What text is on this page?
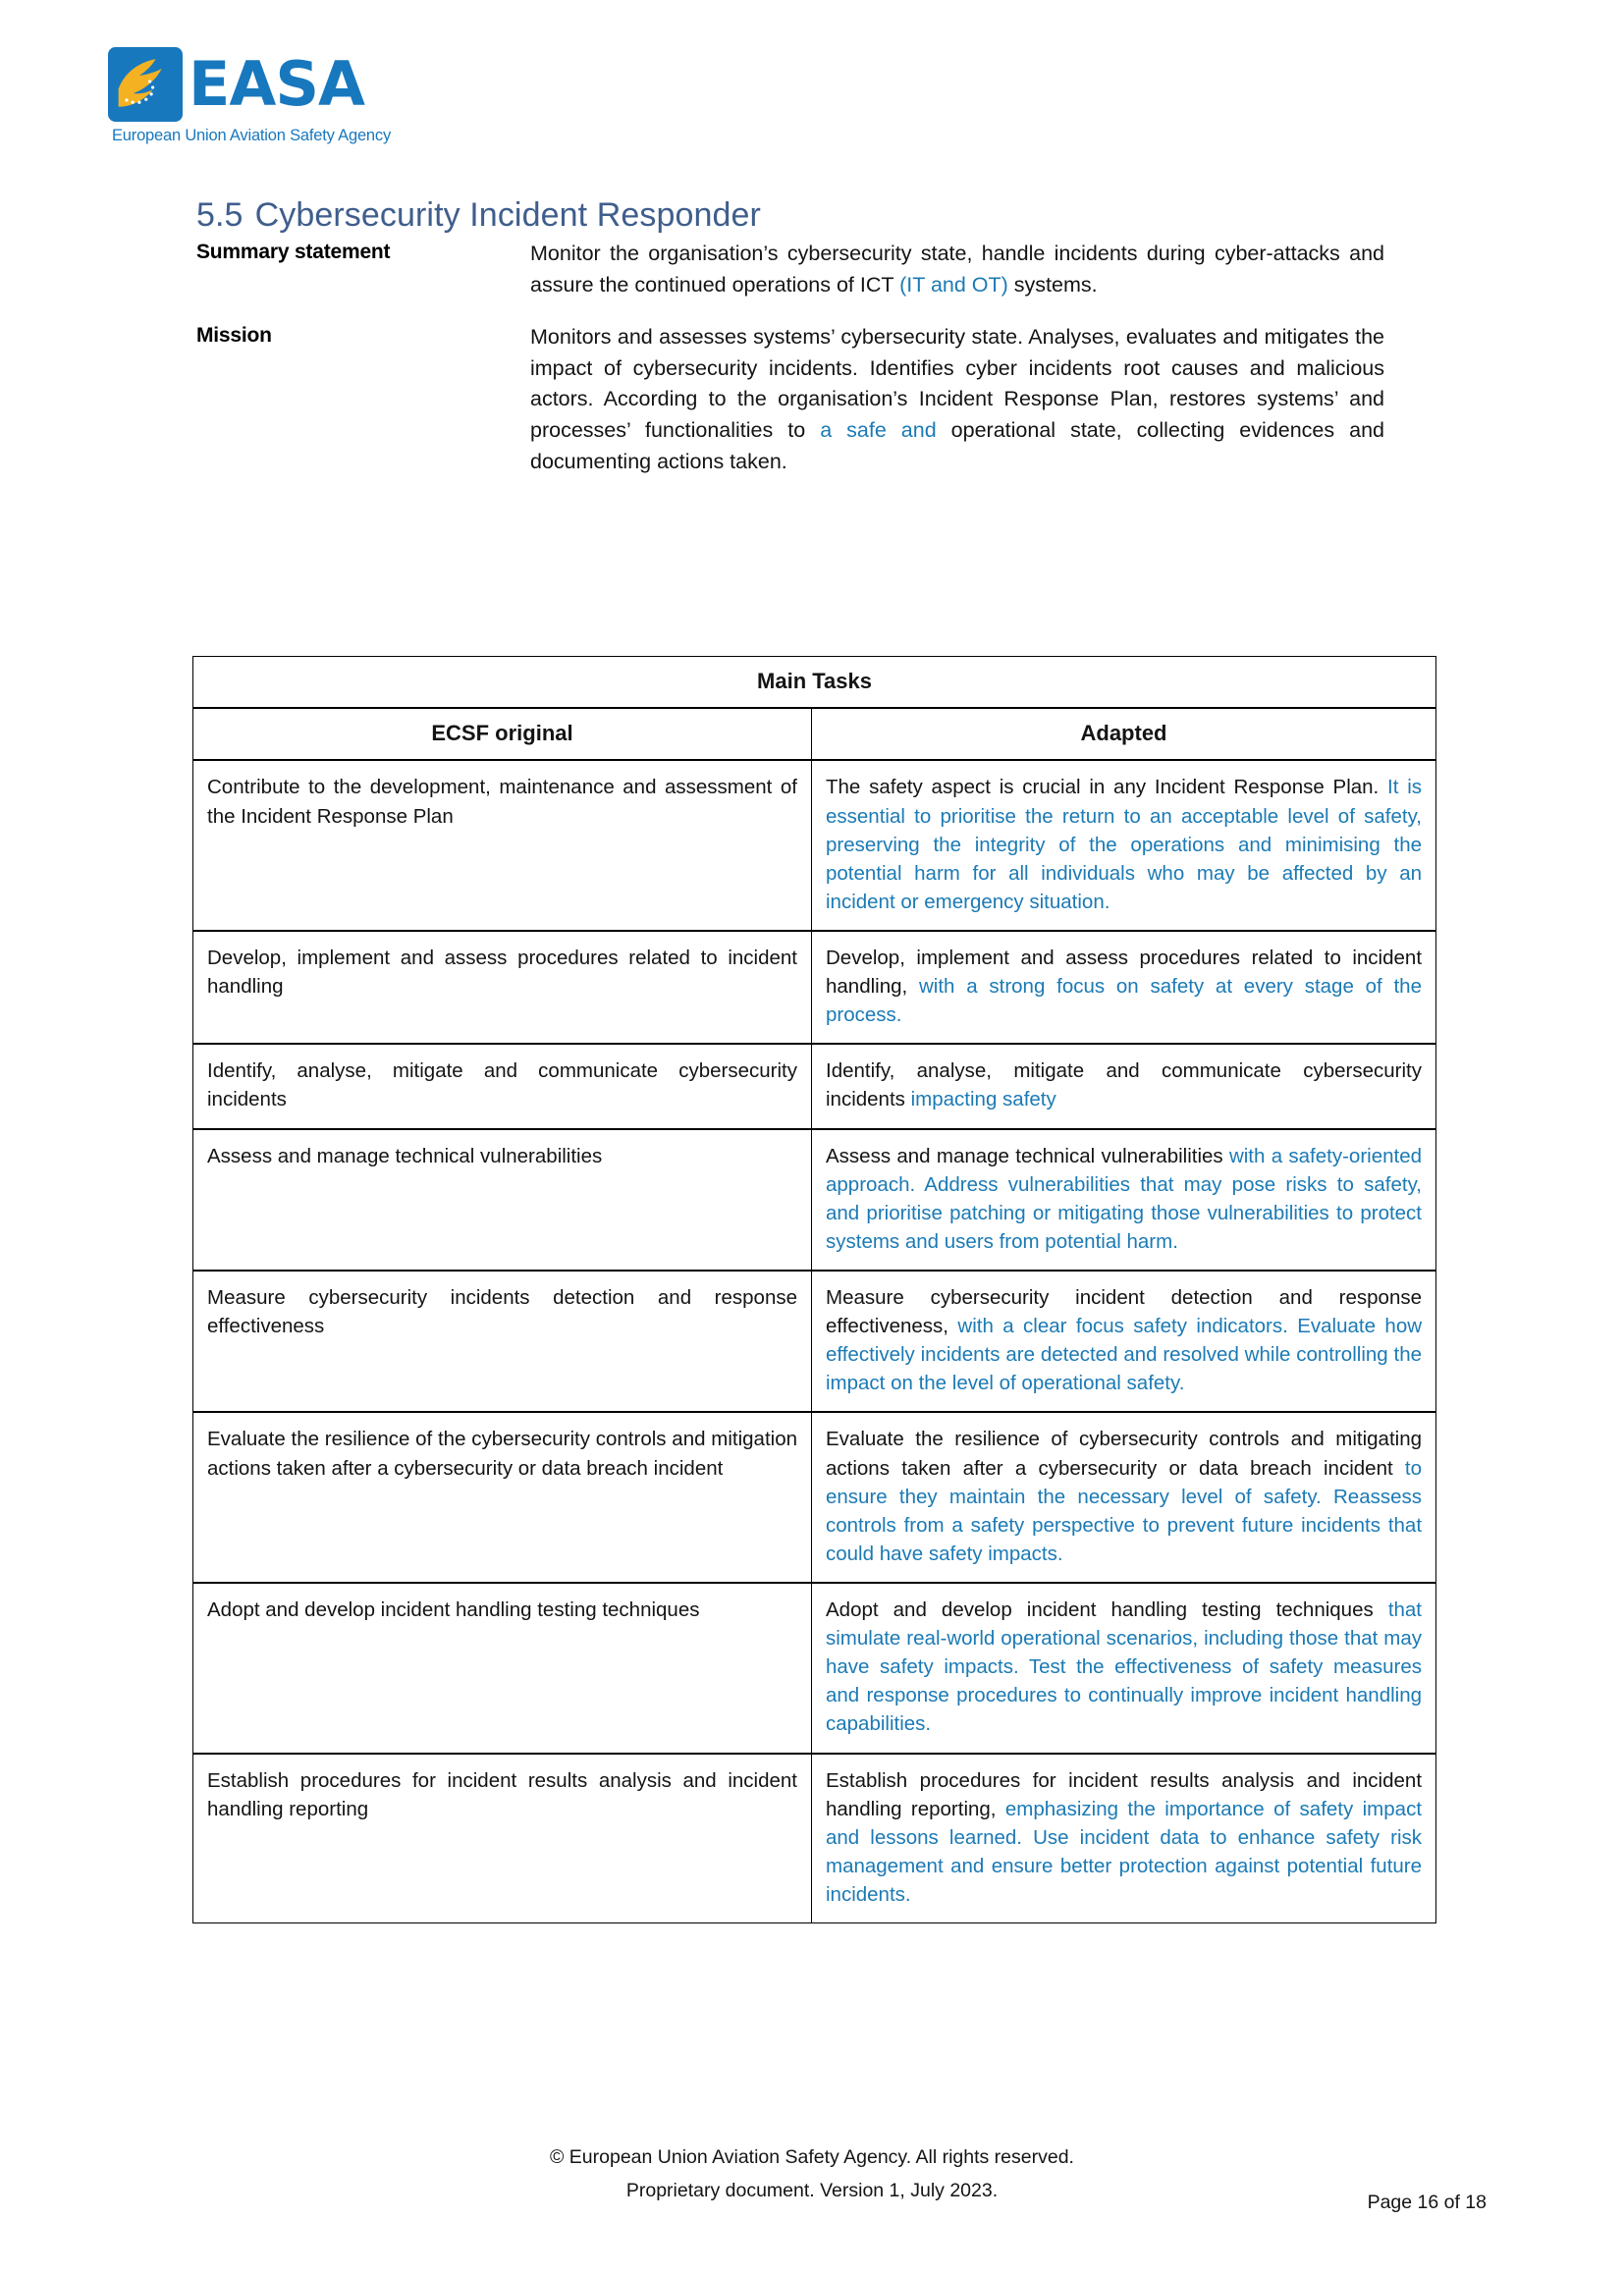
EASA
European Union Aviation Safety Agency
5.5 Cybersecurity Incident Responder
Summary statement	Monitor the organisation’s cybersecurity state, handle incidents during cyber-attacks and assure the continued operations of ICT (IT and OT) systems.
Mission	Monitors and assesses systems’ cybersecurity state. Analyses, evaluates and mitigates the impact of cybersecurity incidents. Identifies cyber incidents root causes and malicious actors. According to the organisation’s Incident Response Plan, restores systems’ and processes’ functionalities to a safe and operational state, collecting evidences and documenting actions taken.
Main Tasks	
ECSF original	Adapted
Contribute to the development, maintenance and assessment of the Incident Response Plan	The safety aspect is crucial in any Incident Response Plan. It is essential to prioritise the return to an acceptable level of safety, preserving the integrity of the operations and minimising the potential harm for all individuals who may be affected by an incident or emergency situation.
Develop, implement and assess procedures related to incident handling	Develop, implement and assess procedures related to incident handling, with a strong focus on safety at every stage of the process.
Identify, analyse, mitigate and communicate cybersecurity incidents	Identify, analyse, mitigate and communicate cybersecurity incidents impacting safety
Assess and manage technical vulnerabilities	Assess and manage technical vulnerabilities with a safety-oriented approach. Address vulnerabilities that may pose risks to safety, and prioritise patching or mitigating those vulnerabilities to protect systems and users from potential harm.
Measure cybersecurity incidents detection and response effectiveness	Measure cybersecurity incident detection and response effectiveness, with a clear focus safety indicators. Evaluate how effectively incidents are detected and resolved while controlling the impact on the level of operational safety.
Evaluate the resilience of the cybersecurity controls and mitigation actions taken after a cybersecurity or data breach incident	Evaluate the resilience of cybersecurity controls and mitigating actions taken after a cybersecurity or data breach incident to ensure they maintain the necessary level of safety. Reassess controls from a safety perspective to prevent future incidents that could have safety impacts.
Adopt and develop incident handling testing techniques	Adopt and develop incident handling testing techniques that simulate real-world operational scenarios, including those that may have safety impacts. Test the effectiveness of safety measures and response procedures to continually improve incident handling capabilities.
Establish procedures for incident results analysis and incident handling reporting	Establish procedures for incident results analysis and incident handling reporting, emphasizing the importance of safety impact and lessons learned. Use incident data to enhance safety risk management and ensure better protection against potential future incidents.
© European Union Aviation Safety Agency. All rights reserved.
Proprietary document. Version 1, July 2023.
Page 16 of 18
